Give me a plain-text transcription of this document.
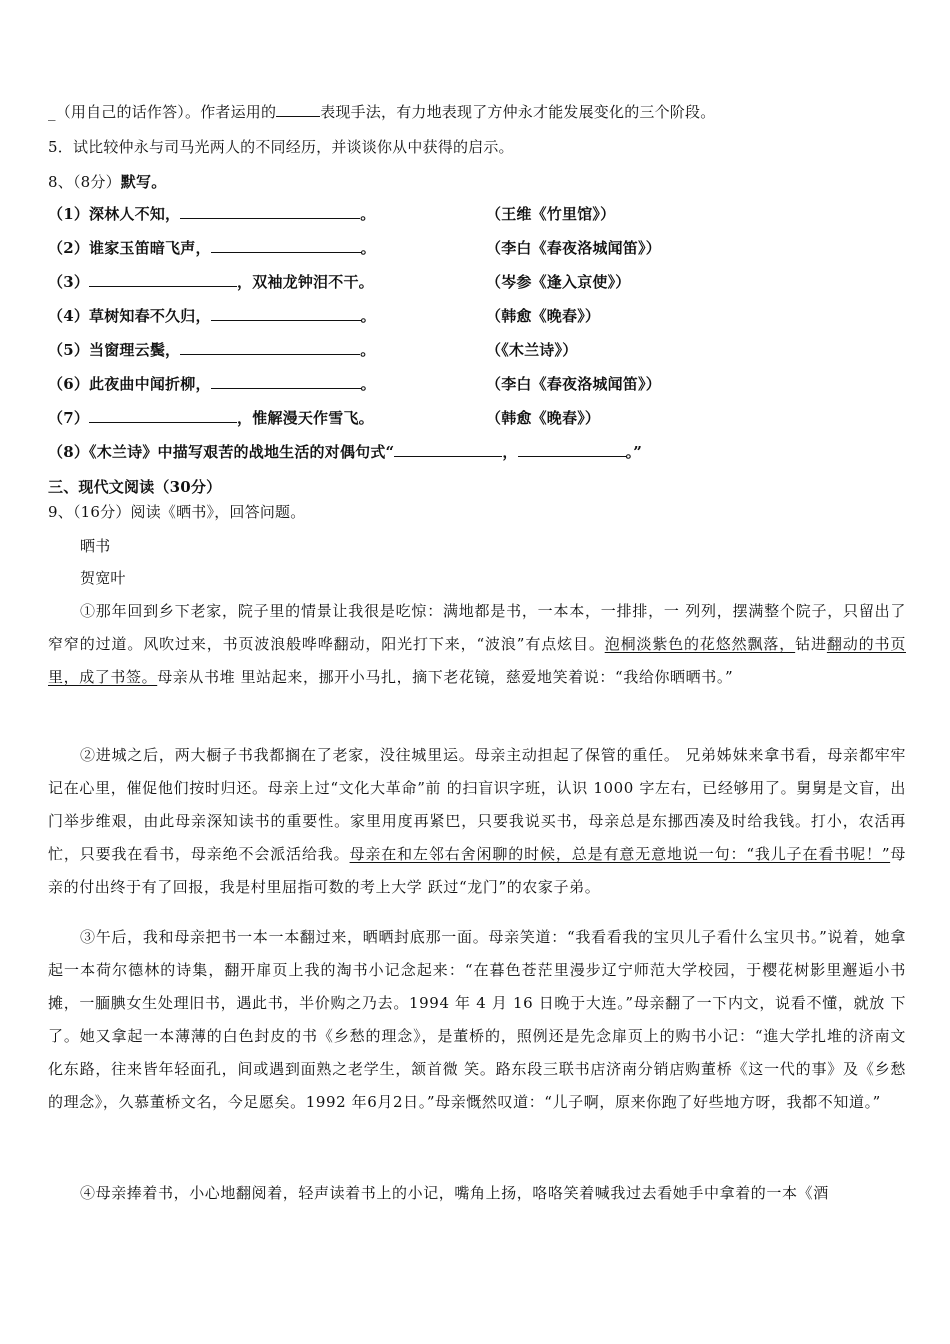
_（用自己的话作答）。作者运用的	表现手法，有力地表现了方仲永才能发展变化的三个阶段。
5．试比较仲永与司马光两人的不同经历，并谈谈你从中获得的启示。
8、（8分）默写。
（1）深林人不知，	。	（王维《竹里馆》）
（2）谁家玉笛暗飞声，	。	（李白《春夜洛城闻笛》）
（3）	，双袖龙钟泪不干。	（岑参《逢入京使》）
（4）草树知春不久归，	。	（韩愈《晚春》）
（5）当窗理云鬓，	。	（《木兰诗》）
（6）此夜曲中闻折柳，	。	（李白《春夜洛城闻笛》）
（7）	，惟解漫天作雪飞。	（韩愈《晚春》）
（8）《木兰诗》中描写艰苦的战地生活的对偶句式“	，	。”
三、现代文阅读（30分）
9、（16分）阅读《晒书》，回答问题。
晒书
贺宽叶
①那年回到乡下老家，院子里的情景让我很是吃惊：满地都是书，一本本，一排排，一 列列，摆满整个院子，只留出了窄窄的过道。风吹过来，书页波浪般哗哗翻动，阳光打下来，“波浪”有点炫目。泡桐淡紫色的花悠然飘落，钻进翻动的书页里，成了书签。母亲从书堆 里站起来，挪开小马扎，摘下老花镜，慈爱地笑着说：“我给你晒晒书。”
②进城之后，两大橱子书我都搁在了老家，没往城里运。母亲主动担起了保管的重任。 兄弟姊妹来拿书看，母亲都牢牢记在心里，催促他们按时归还。母亲上过“文化大革命”前 的扫盲识字班，认识 1000 字左右，已经够用了。舅舅是文盲，出门举步维艰，由此母亲深知读书的重要性。家里用度再紧巴，只要我说买书，母亲总是东挪西凑及时给我钱。打小，农活再忙，只要我在看书，母亲绝不会派活给我。母亲在和左邻右舍闲聊的时候，总是有意无意地说一句：“我儿子在看书呢！”母亲的付出终于有了回报，我是村里屈指可数的考上大学 跃过“龙门”的农家子弟。
③午后，我和母亲把书一本一本翻过来，晒晒封底那一面。母亲笑道：“我看看我的宝贝儿子看什么宝贝书。”说着，她拿起一本荷尔德林的诗集，翻开扉页上我的淘书小记念起来：“在暮色苍茫里漫步辽宁师范大学校园，于樱花树影里邂逅小书摊，一腼腆女生处理旧书，遇此书，半价购之乃去。1994 年 4 月 16 日晚于大连。”母亲翻了一下内文，说看不懂，就放 下了。她又拿起一本薄薄的白色封皮的书《乡愁的理念》，是董桥的，照例还是先念扉页上的购书小记：“進大学扎堆的济南文化东路，往来皆年轻面孔，间或遇到面熟之老学生，颔首微 笑。路东段三联书店济南分销店购董桥《这一代的事》及《乡愁的理念》，久慕董桥文名，今足愿矣。1992 年6月2日。”母亲慨然叹道：“儿子啊，原来你跑了好些地方呀，我都不知道。”
④母亲捧着书，小心地翻阅着，轻声读着书上的小记，嘴角上扬，咯咯笑着喊我过去看她手中拿着的一本《酒
